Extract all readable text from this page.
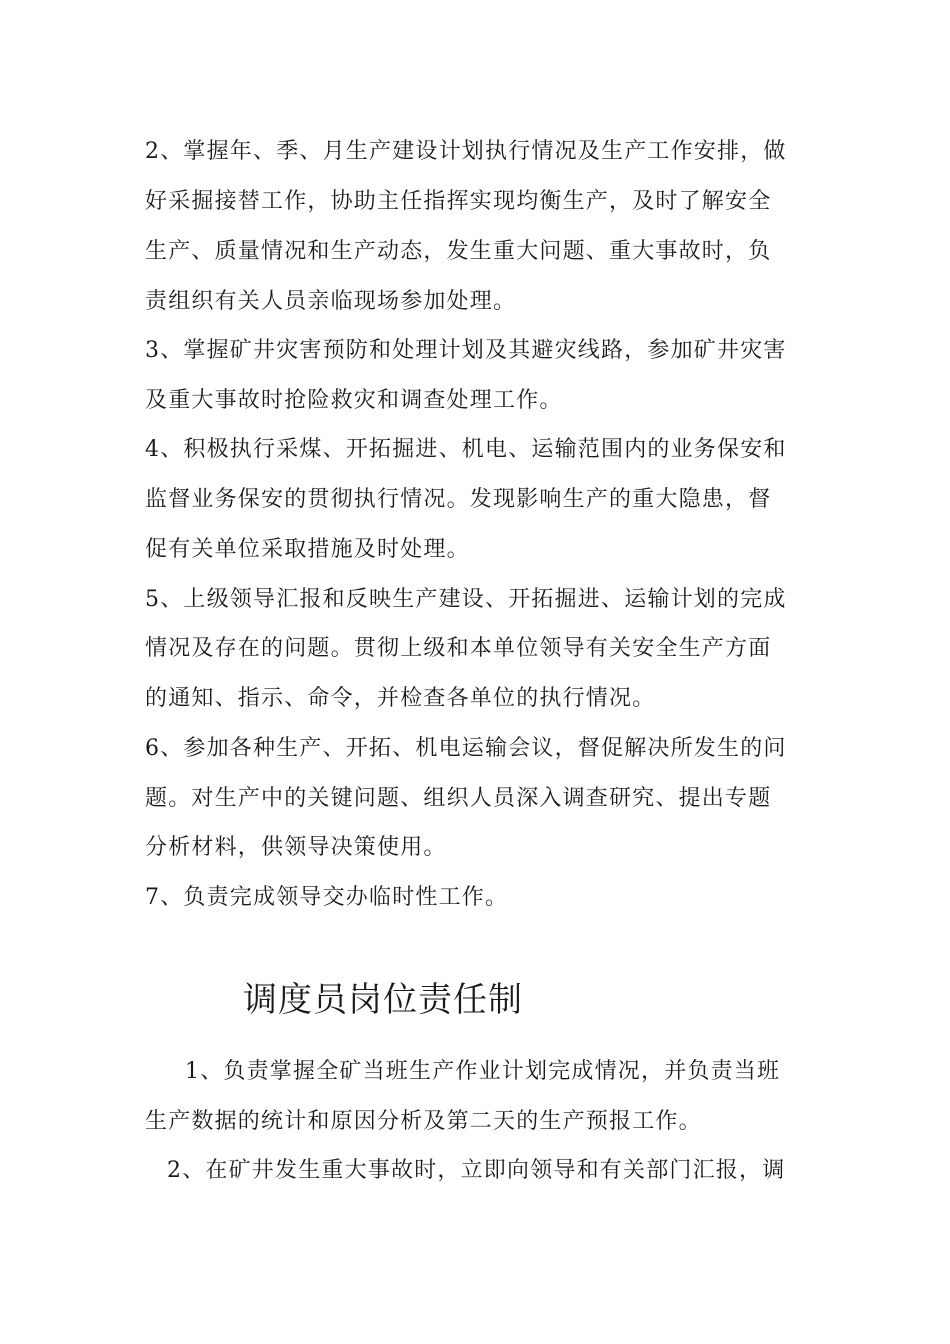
2、掌握年、季、月生产建设计划执行情况及生产工作安排，做
好采掘接替工作，协助主任指挥实现均衡生产，及时了解安全
生产、质量情况和生产动态，发生重大问题、重大事故时，负
责组织有关人员亲临现场参加处理。
3、掌握矿井灾害预防和处理计划及其避灾线路，参加矿井灾害
及重大事故时抢险救灾和调查处理工作。
4、积极执行采煤、开拓掘进、机电、运输范围内的业务保安和
监督业务保安的贯彻执行情况。发现影响生产的重大隐患，督
促有关单位采取措施及时处理。
5、上级领导汇报和反映生产建设、开拓掘进、运输计划的完成
情况及存在的问题。贯彻上级和本单位领导有关安全生产方面
的通知、指示、命令，并检查各单位的执行情况。
6、参加各种生产、开拓、机电运输会议，督促解决所发生的问
题。对生产中的关键问题、组织人员深入调查研究、提出专题
分析材料，供领导决策使用。
7、负责完成领导交办临时性工作。
调度员岗位责任制
1、负责掌握全矿当班生产作业计划完成情况，并负责当班
生产数据的统计和原因分析及第二天的生产预报工作。
2、在矿井发生重大事故时，立即向领导和有关部门汇报，调
